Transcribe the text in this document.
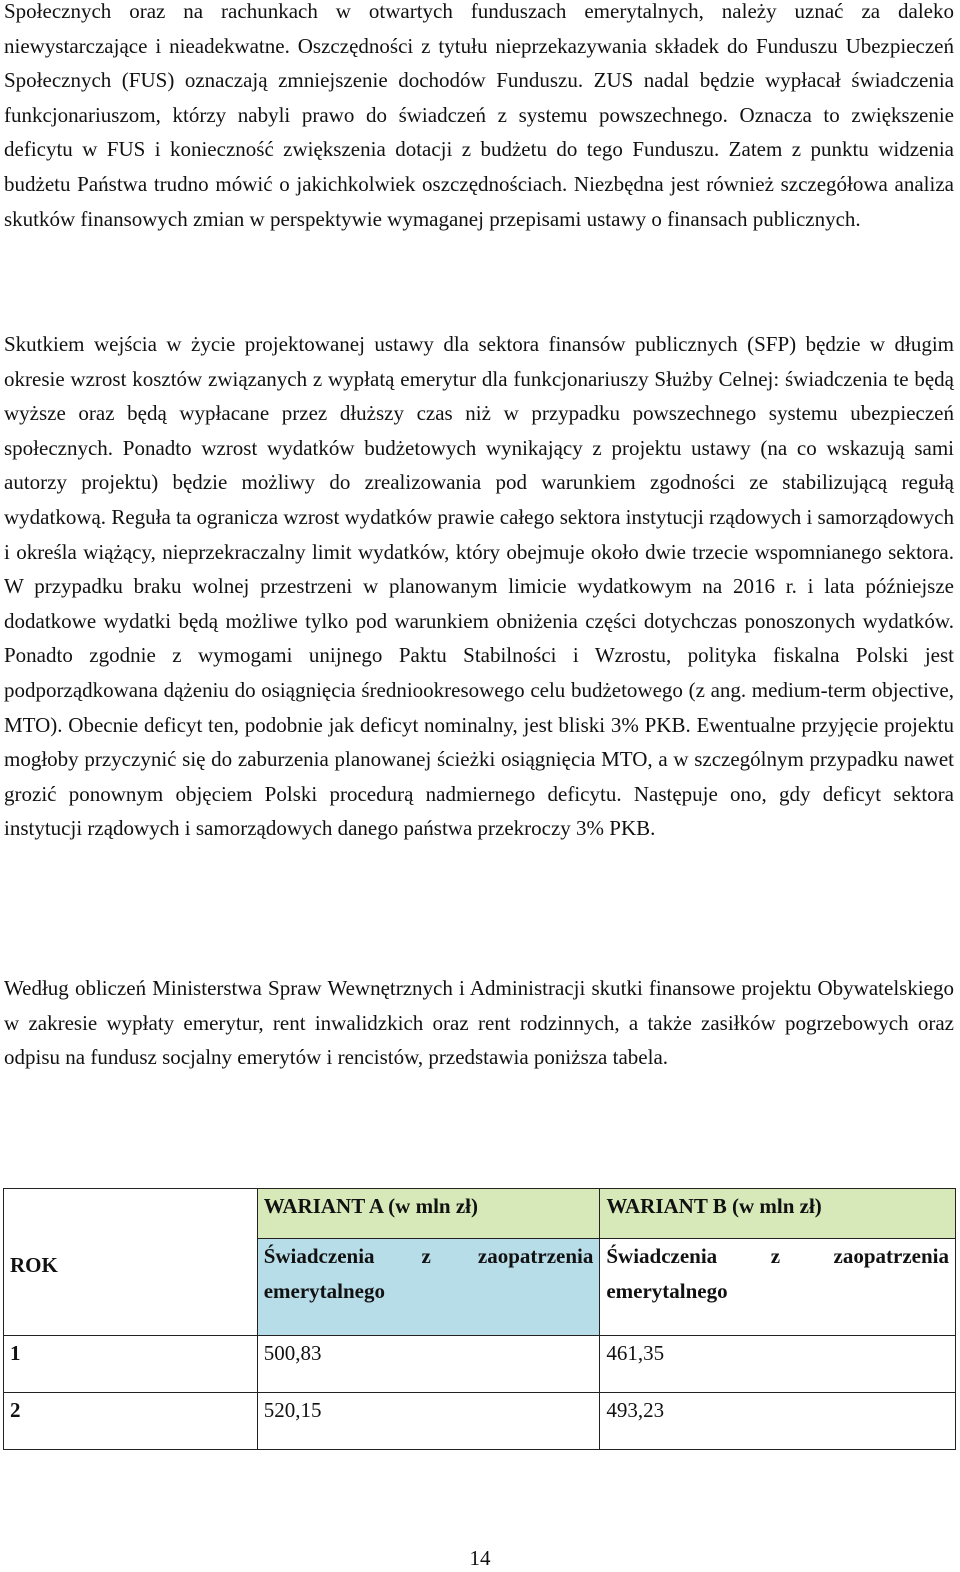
Społecznych oraz na rachunkach w otwartych funduszach emerytalnych, należy uznać za daleko niewystarczające i nieadekwatne. Oszczędności z tytułu nieprzekazywania składek do Funduszu Ubezpieczeń Społecznych (FUS) oznaczają zmniejszenie dochodów Funduszu. ZUS nadal będzie wypłacał świadczenia funkcjonariuszom, którzy nabyli prawo do świadczeń z systemu powszechnego. Oznacza to zwiększenie deficytu w FUS i konieczność zwiększenia dotacji z budżetu do tego Funduszu. Zatem z punktu widzenia budżetu Państwa trudno mówić o jakichkolwiek oszczędnościach. Niezbędna jest również szczegółowa analiza skutków finansowych zmian w perspektywie wymaganej przepisami ustawy o finansach publicznych.

Skutkiem wejścia w życie projektowanej ustawy dla sektora finansów publicznych (SFP) będzie w długim okresie wzrost kosztów związanych z wypłatą emerytur dla funkcjonariuszy Służby Celnej: świadczenia te będą wyższe oraz będą wypłacane przez dłuższy czas niż w przypadku powszechnego systemu ubezpieczeń społecznych. Ponadto wzrost wydatków budżetowych wynikający z projektu ustawy (na co wskazują sami autorzy projektu) będzie możliwy do zrealizowania pod warunkiem zgodności ze stabilizującą regułą wydatkową. Reguła ta ogranicza wzrost wydatków prawie całego sektora instytucji rządowych i samorządowych i określa wiążący, nieprzekraczalny limit wydatków, który obejmuje około dwie trzecie wspomnianego sektora. W przypadku braku wolnej przestrzeni w planowanym limicie wydatkowym na 2016 r. i lata późniejsze dodatkowe wydatki będą możliwe tylko pod warunkiem obniżenia części dotychczas ponoszonych wydatków. Ponadto zgodnie z wymogami unijnego Paktu Stabilności i Wzrostu, polityka fiskalna Polski jest podporządkowana dążeniu do osiągnięcia średniookresowego celu budżetowego (z ang. medium-term objective, MTO). Obecnie deficyt ten, podobnie jak deficyt nominalny, jest bliski 3% PKB. Ewentualne przyjęcie projektu mogłoby przyczynić się do zaburzenia planowanej ścieżki osiągnięcia MTO, a w szczególnym przypadku nawet grozić ponownym objęciem Polski procedurą nadmiernego deficytu. Następuje ono, gdy deficyt sektora instytucji rządowych i samorządowych danego państwa przekroczy 3% PKB.

Według obliczeń Ministerstwa Spraw Wewnętrznych i Administracji skutki finansowe projektu Obywatelskiego w zakresie wypłaty emerytur, rent inwalidzkich oraz rent rodzinnych, a także zasiłków pogrzebowych oraz odpisu na fundusz socjalny emerytów i rencistów, przedstawia poniższa tabela.

ROK	WARIANT A (w mln zł)	WARIANT B (w mln zł)

	Świadczenia z zaopatrzenia emerytalnego	Świadczenia z zaopatrzenia emerytalnego
1	500,83	461,35
2	520,15	493,23
14
